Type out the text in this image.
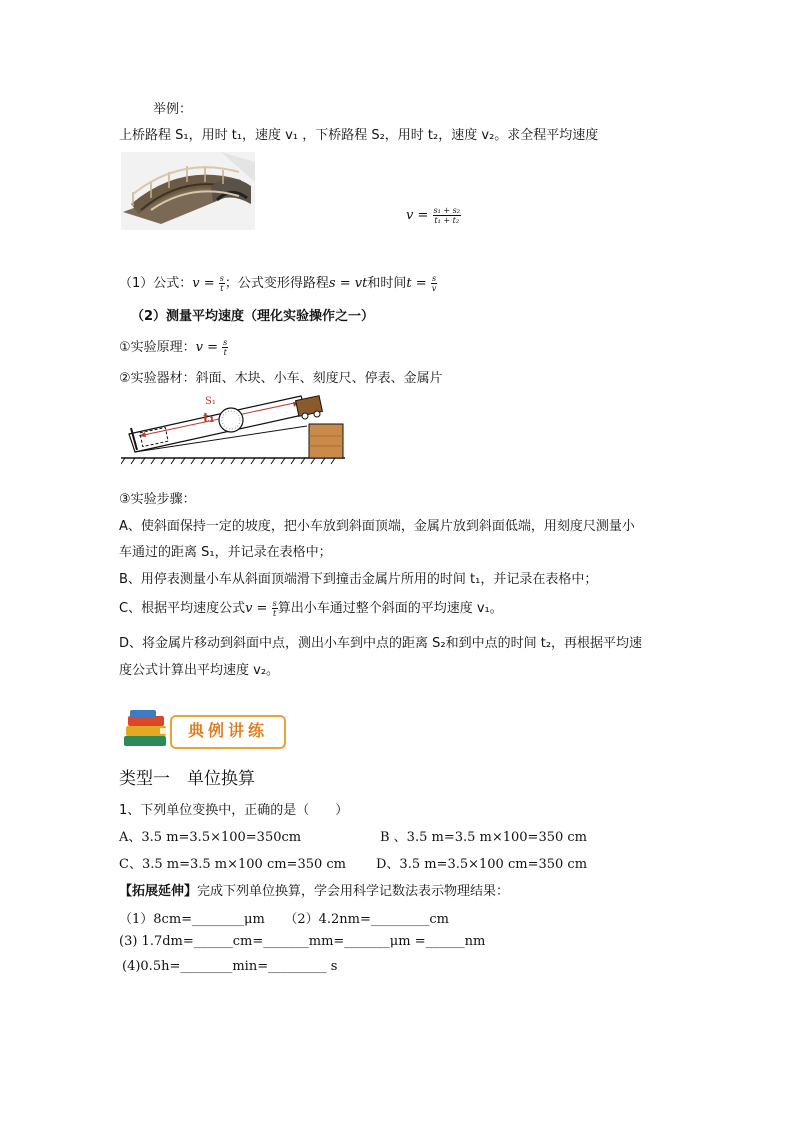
举例：
上桥路程 S₁，用时 t₁，速度 v₁ ，下桥路程 S₂，用时 t₂，速度 v₂。求全程平均速度
$v = \frac{\text{s₁ + s₂}}{\text{t₁ + t₂}}$
（1）公式：$v = \frac{s}{t}$ ；公式变形得路程s = vt和时间$t = \frac{s}{v}$
（2）测量平均速度（理化实验操作之一）
①实验原理：$v = \frac{s}{t}$
②实验器材：斜面、木块、小车、刻度尺、停表、金属片
S₁
t₁
③实验步骤：
A、使斜面保持一定的坡度，把小车放到斜面顶端，金属片放到斜面低端，用刻度尺测量小
车通过的距离 S₁，并记录在表格中；
B、用停表测量小车从斜面顶端滑下到撞击金属片所用的时间 t₁，并记录在表格中；
C、根据平均速度公式$v = \frac{s}{t}$ 算出小车通过整个斜面的平均速度 v₁。
D、将金属片移动到斜面中点，测出小车到中点的距离 S₂和到中点的时间 t₂，再根据平均速
度公式计算出平均速度 v₂。
典例讲练
类型一　单位换算
1、下列单位变换中，正确的是（　　）
A、3.5 m=3.5×100=350cm	B 、3.5 m=3.5 m×100=350 cm
C、3.5 m=3.5 m×100 cm=350 cm D、3.5 m=3.5×100 cm=350 cm
【拓展延伸】完成下列单位换算，学会用科学记数法表示物理结果：
（1）8cm=________μm　　（2）4.2nm=_________cm
(3) 1.7dm=______cm=_______mm=_______μm =______nm
(4)0.5h=________min=_________ s
